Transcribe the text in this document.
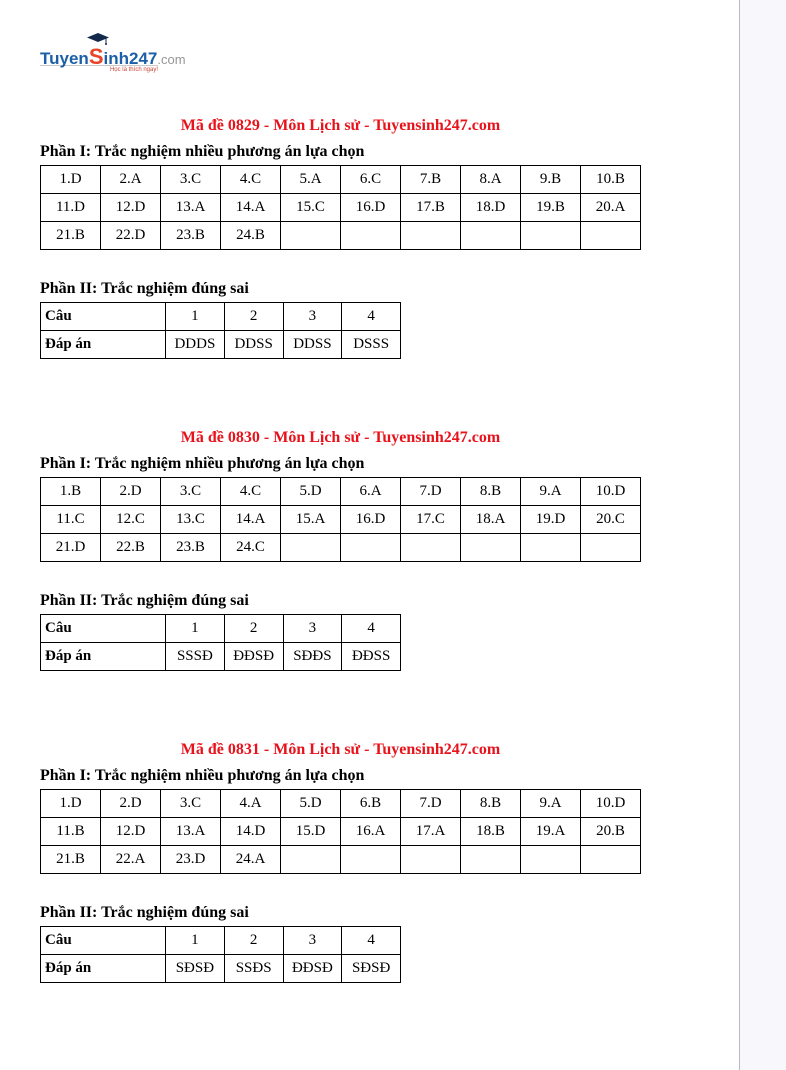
TuyenSinh247.com
Học là thích ngay!
Mã đề 0829 - Môn Lịch sử - Tuyensinh247.com
Phần I: Trắc nghiệm nhiều phương án lựa chọn
1.D	2.A	3.C	4.C	5.A	6.C	7.B	8.A	9.B	10.B
11.D	12.D	13.A	14.A	15.C	16.D	17.B	18.D	19.B	20.A
21.B	22.D	23.B	24.B						
Phần II: Trắc nghiệm đúng sai
Câu	1	2	3	4
Đáp án	DDDS	DDSS	DDSS	DSSS
Mã đề 0830 - Môn Lịch sử - Tuyensinh247.com
Phần I: Trắc nghiệm nhiều phương án lựa chọn
1.B	2.D	3.C	4.C	5.D	6.A	7.D	8.B	9.A	10.D
11.C	12.C	13.C	14.A	15.A	16.D	17.C	18.A	19.D	20.C
21.D	22.B	23.B	24.C						
Phần II: Trắc nghiệm đúng sai
Câu	1	2	3	4
Đáp án	SSSĐ	ĐĐSĐ	SĐĐS	ĐĐSS
Mã đề 0831 - Môn Lịch sử - Tuyensinh247.com
Phần I: Trắc nghiệm nhiều phương án lựa chọn
1.D	2.D	3.C	4.A	5.D	6.B	7.D	8.B	9.A	10.D
11.B	12.D	13.A	14.D	15.D	16.A	17.A	18.B	19.A	20.B
21.B	22.A	23.D	24.A						
Phần II: Trắc nghiệm đúng sai
Câu	1	2	3	4
Đáp án	SĐSĐ	SSĐS	ĐĐSĐ	SĐSĐ
